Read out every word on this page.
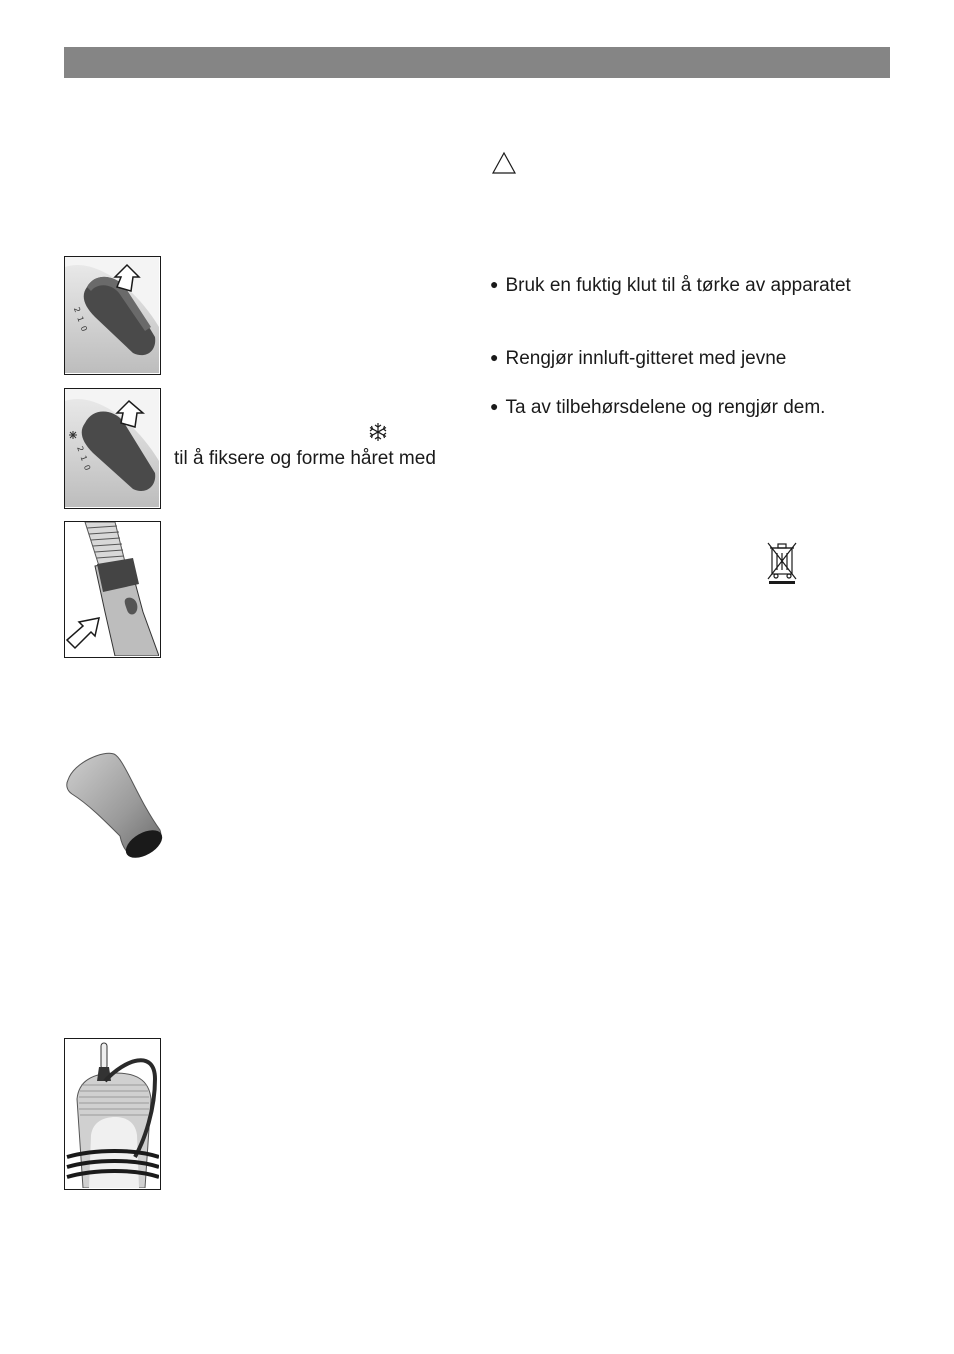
2
1
0
2
1
0	til å fiksere og forme håret med
● Bruk en fuktig klut til å tørke av apparatet
● Rengjør innluft-gitteret med jevne
● Ta av tilbehørsdelene og rengjør dem.
